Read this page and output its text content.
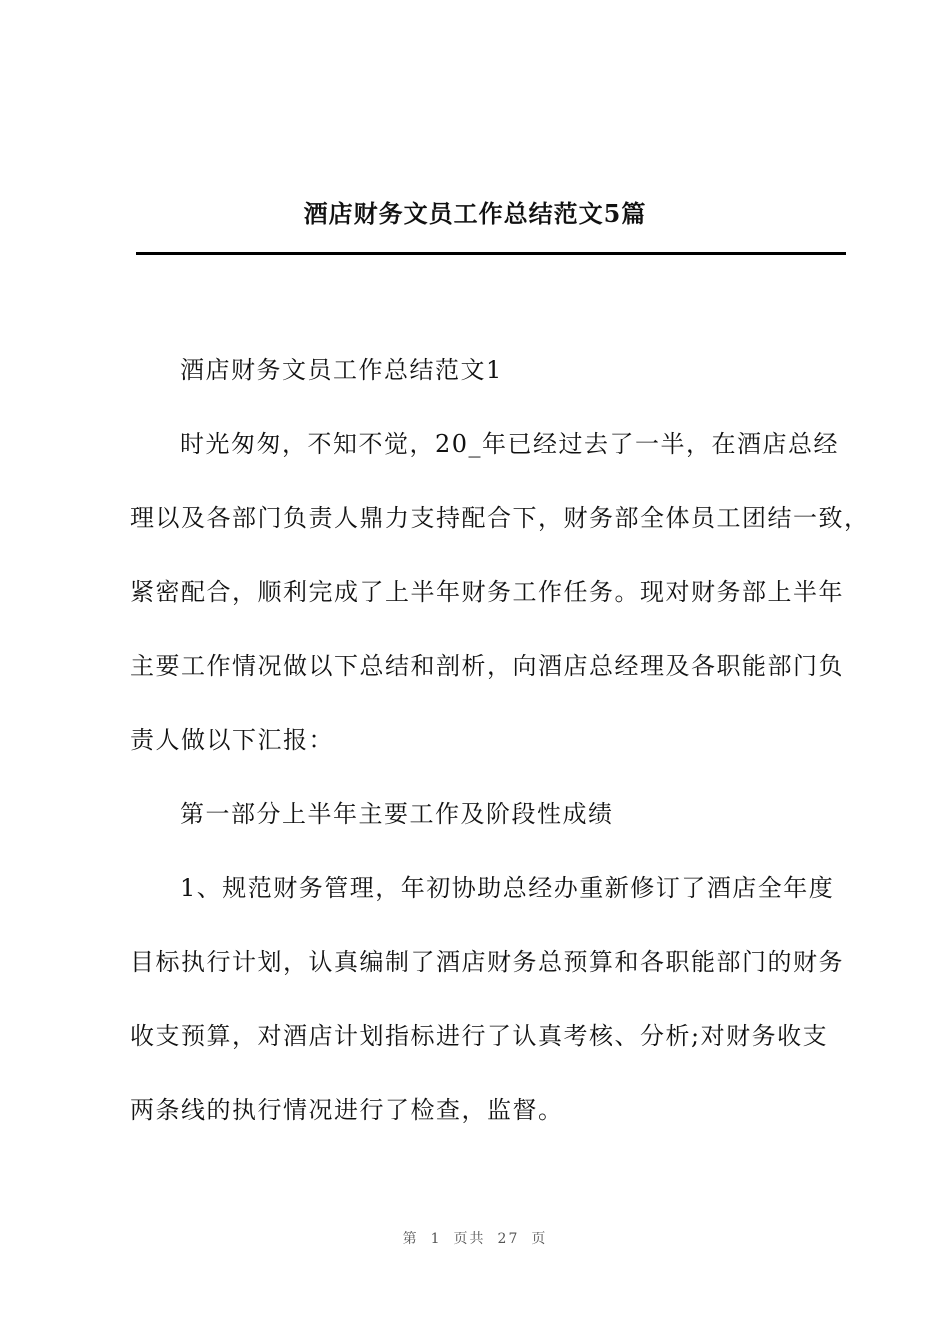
酒店财务文员工作总结范文5篇
酒店财务文员工作总结范文1
时光匆匆，不知不觉，20_年已经过去了一半，在酒店总经
理以及各部门负责人鼎力支持配合下，财务部全体员工团结一致，
紧密配合，顺利完成了上半年财务工作任务。现对财务部上半年
主要工作情况做以下总结和剖析，向酒店总经理及各职能部门负
责人做以下汇报：
第一部分上半年主要工作及阶段性成绩
1、规范财务管理，年初协助总经办重新修订了酒店全年度
目标执行计划，认真编制了酒店财务总预算和各职能部门的财务
收支预算，对酒店计划指标进行了认真考核、分析;对财务收支
两条线的执行情况进行了检查，监督。
第 1 页共 27 页
